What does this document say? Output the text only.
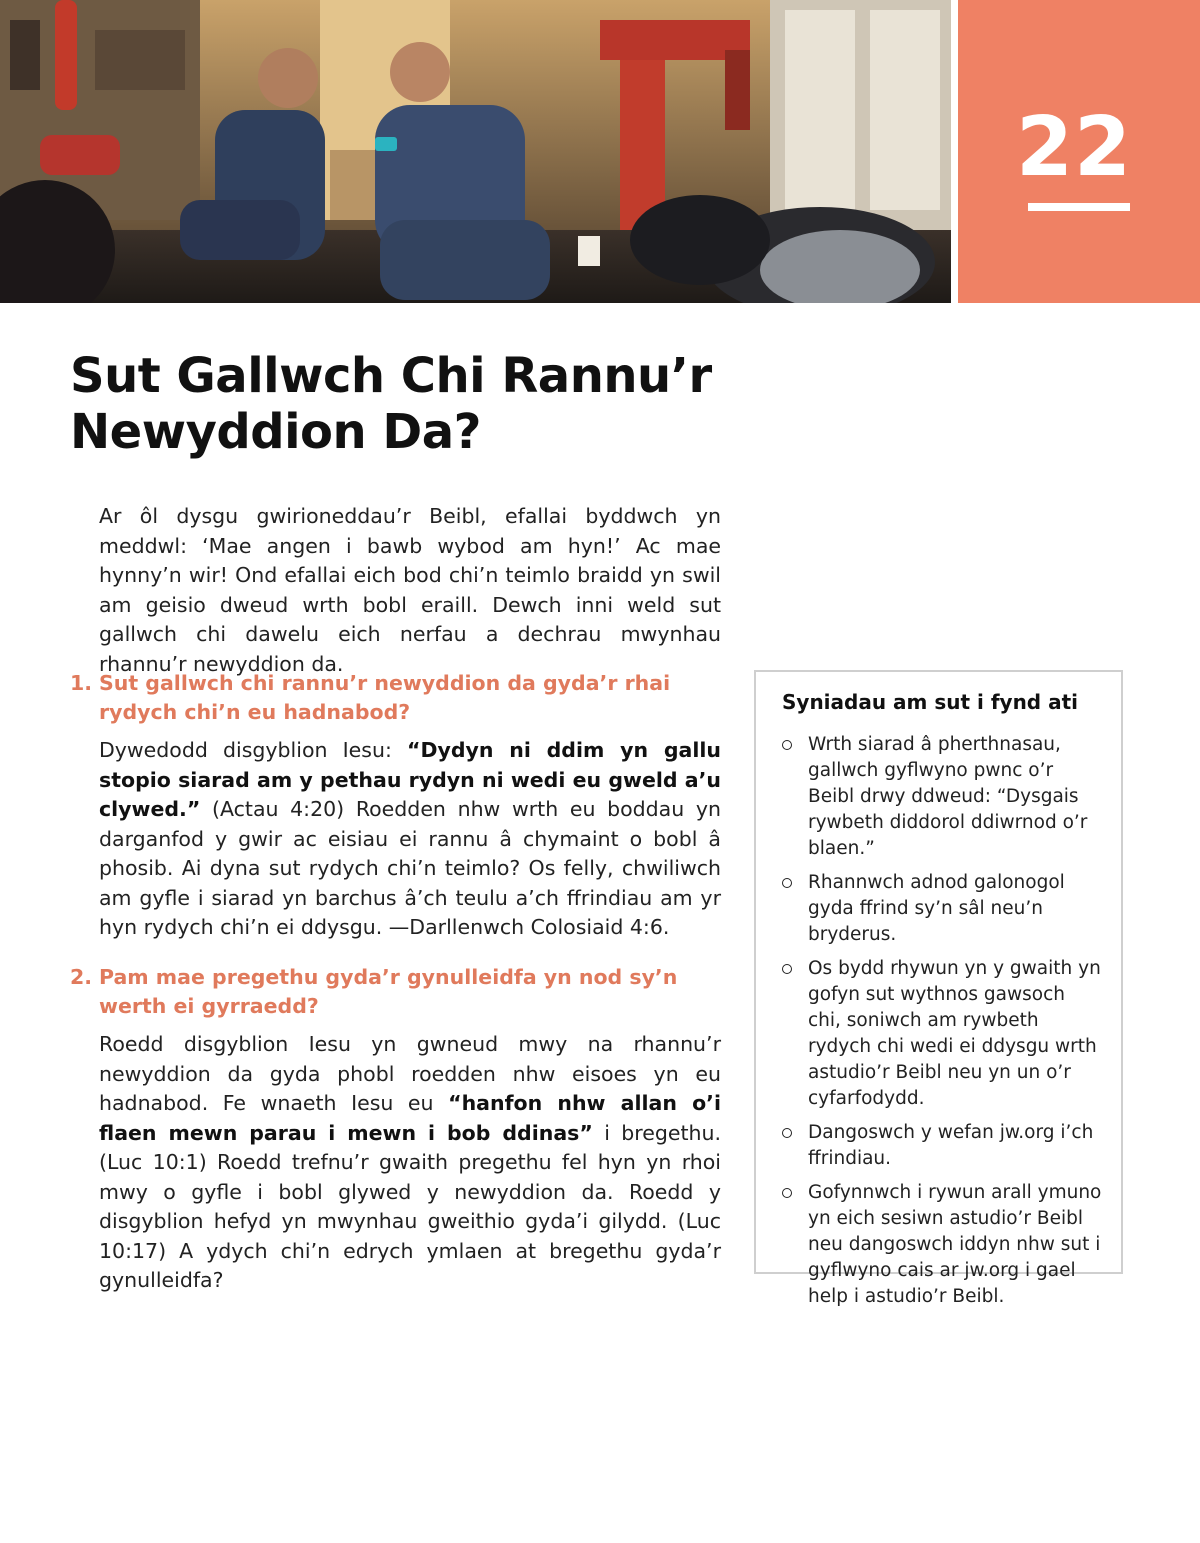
22
Sut Gallwch Chi Rannu’r
Newyddion Da?

Ar ôl dysgu gwirioneddau’r Beibl, efallai byddwch yn meddwl: ‘Mae angen i bawb wybod am hyn!’ Ac mae hynny’n wir! Ond efallai eich bod chi’n teimlo braidd yn swil am geisio dweud wrth bobl eraill. Dewch inni weld sut gallwch chi dawelu eich nerfau a dechrau mwynhau rhannu’r newyddion da.

1. Sut gallwch chi rannu’r newyddion da gyda’r rhai rydych chi’n eu hadnabod?

Dywedodd disgyblion Iesu: “Dydyn ni ddim yn gallu stopio siarad am y pethau rydyn ni wedi eu gweld a’u clywed.” (Actau 4:20) Roedden nhw wrth eu boddau yn darganfod y gwir ac eisiau ei rannu â chymaint o bobl â phosib. Ai dyna sut rydych chi’n teimlo? Os felly, chwiliwch am gyfle i siarad yn barchus â’ch teulu a’ch ffrindiau am yr hyn rydych chi’n ei ddysgu. —Darllenwch Colosiaid 4:6.

2. Pam mae pregethu gyda’r gynulleidfa yn nod sy’n werth ei gyrraedd?

Roedd disgyblion Iesu yn gwneud mwy na rhannu’r newyddion da gyda phobl roedden nhw eisoes yn eu hadnabod. Fe wnaeth Iesu eu “hanfon nhw allan o’i flaen mewn parau i mewn i bob ddinas” i bregethu. (Luc 10:1) Roedd trefnu’r gwaith pregethu fel hyn yn rhoi mwy o gyfle i bobl glywed y newyddion da. Roedd y disgyblion hefyd yn mwynhau gweithio gyda’i gilydd. (Luc 10:17) A ydych chi’n edrych ymlaen at bregethu gyda’r gynulleidfa?

Syniadau am sut i fynd ati
Wrth siarad â pherthnasau, gallwch gyflwyno pwnc o’r Beibl drwy ddweud: “Dysgais rywbeth diddorol ddiwrnod o’r blaen.”
Rhannwch adnod galonogol gyda ffrind sy’n sâl neu’n bryderus.
Os bydd rhywun yn y gwaith yn gofyn sut wythnos gawsoch chi, soniwch am rywbeth rydych chi wedi ei ddysgu wrth astudio’r Beibl neu yn un o’r cyfarfodydd.
Dangoswch y wefan jw.org i’ch ffrindiau.
Gofynnwch i rywun arall ymuno yn eich sesiwn astudio’r Beibl neu dangoswch iddyn nhw sut i gyflwyno cais ar jw.org i gael help i astudio’r Beibl.
